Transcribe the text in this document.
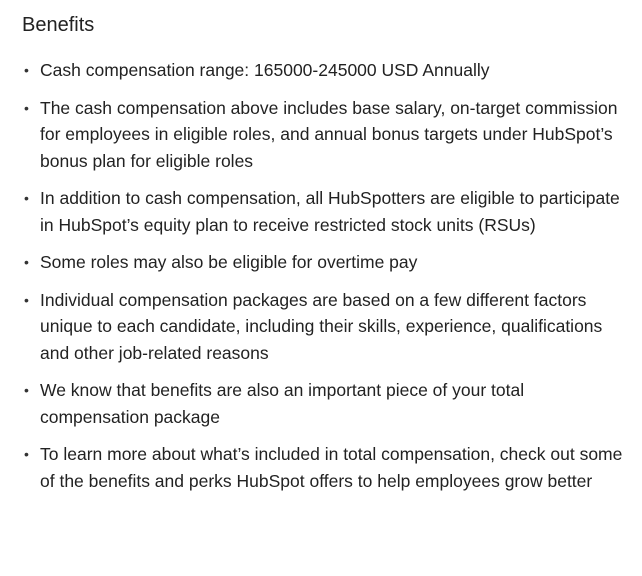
Benefits
• Cash compensation range: 165000-245000 USD Annually
• The cash compensation above includes base salary, on-target commission for employees in eligible roles, and annual bonus targets under HubSpot’s bonus plan for eligible roles
• In addition to cash compensation, all HubSpotters are eligible to participate in HubSpot’s equity plan to receive restricted stock units (RSUs)
• Some roles may also be eligible for overtime pay
• Individual compensation packages are based on a few different factors unique to each candidate, including their skills, experience, qualifications and other job-related reasons
• We know that benefits are also an important piece of your total compensation package
• To learn more about what’s included in total compensation, check out some of the benefits and perks HubSpot offers to help employees grow better
